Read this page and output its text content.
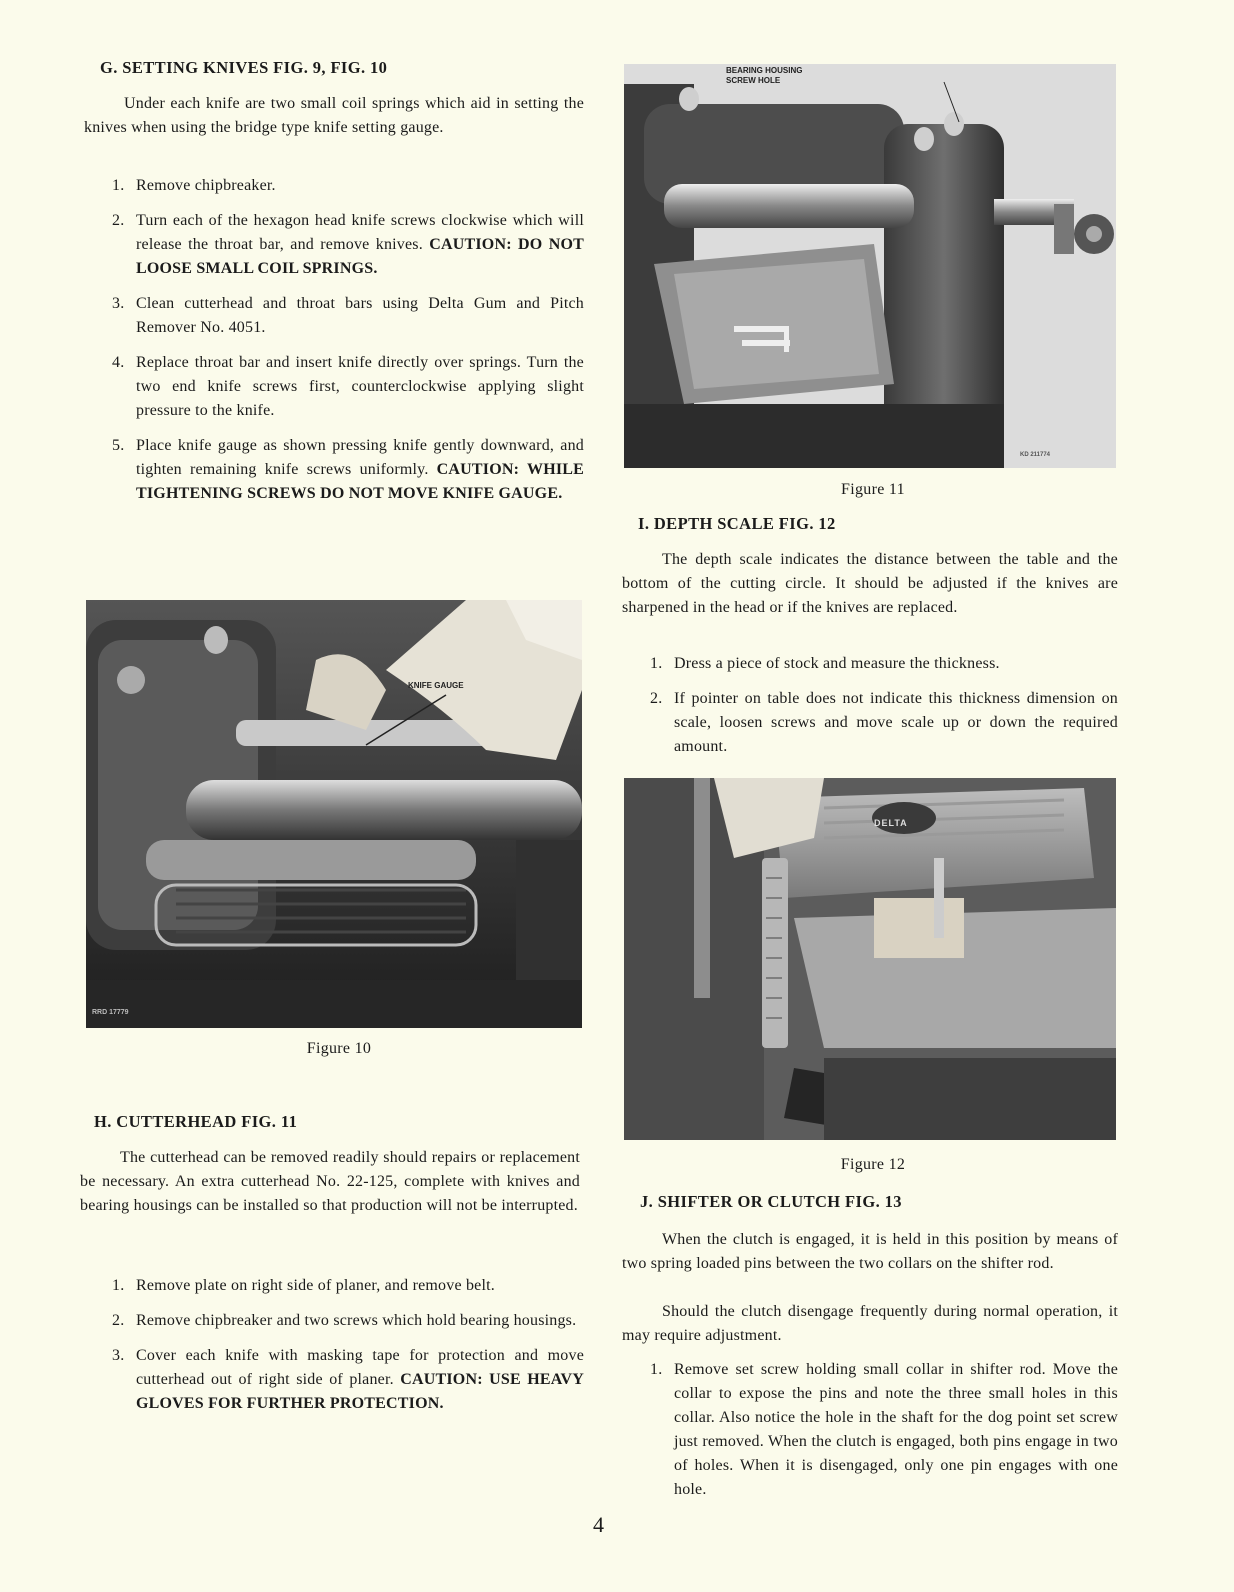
G. SETTING KNIVES FIG. 9, FIG. 10

Under each knife are two small coil springs which aid in setting the knives when using the bridge type knife setting gauge.

1. Remove chipbreaker.
2. Turn each of the hexagon head knife screws clockwise which will release the throat bar, and remove knives. CAUTION: DO NOT LOOSE SMALL COIL SPRINGS.
3. Clean cutterhead and throat bars using Delta Gum and Pitch Remover No. 4051.
4. Replace throat bar and insert knife directly over springs. Turn the two end knife screws first, counterclockwise applying slight pressure to the knife.
5. Place knife gauge as shown pressing knife gently downward, and tighten remaining knife screws uniformly. CAUTION: WHILE TIGHTENING SCREWS DO NOT MOVE KNIFE GAUGE.
KNIFE GAUGE
RRD 17779
Figure 10
H. CUTTERHEAD FIG. 11

The cutterhead can be removed readily should repairs or replacement be necessary. An extra cutterhead No. 22-125, complete with knives and bearing housings can be installed so that production will not be interrupted.

1. Remove plate on right side of planer, and remove belt.
2. Remove chipbreaker and two screws which hold bearing housings.
3. Cover each knife with masking tape for protection and move cutterhead out of right side of planer. CAUTION: USE HEAVY GLOVES FOR FURTHER PROTECTION.
BEARING HOUSING
SCREW HOLE
KD 211774
Figure 11
I. DEPTH SCALE FIG. 12

The depth scale indicates the distance between the table and the bottom of the cutting circle. It should be adjusted if the knives are sharpened in the head or if the knives are replaced.

1. Dress a piece of stock and measure the thickness.
2. If pointer on table does not indicate this thickness dimension on scale, loosen screws and move scale up or down the required amount.
DELTA
Figure 12
J. SHIFTER OR CLUTCH FIG. 13

When the clutch is engaged, it is held in this position by means of two spring loaded pins between the two collars on the shifter rod.

Should the clutch disengage frequently during normal operation, it may require adjustment.

1. Remove set screw holding small collar in shifter rod. Move the collar to expose the pins and note the three small holes in this collar. Also notice the hole in the shaft for the dog point set screw just removed. When the clutch is engaged, both pins engage in two of holes. When it is disengaged, only one pin engages with one hole.
4
